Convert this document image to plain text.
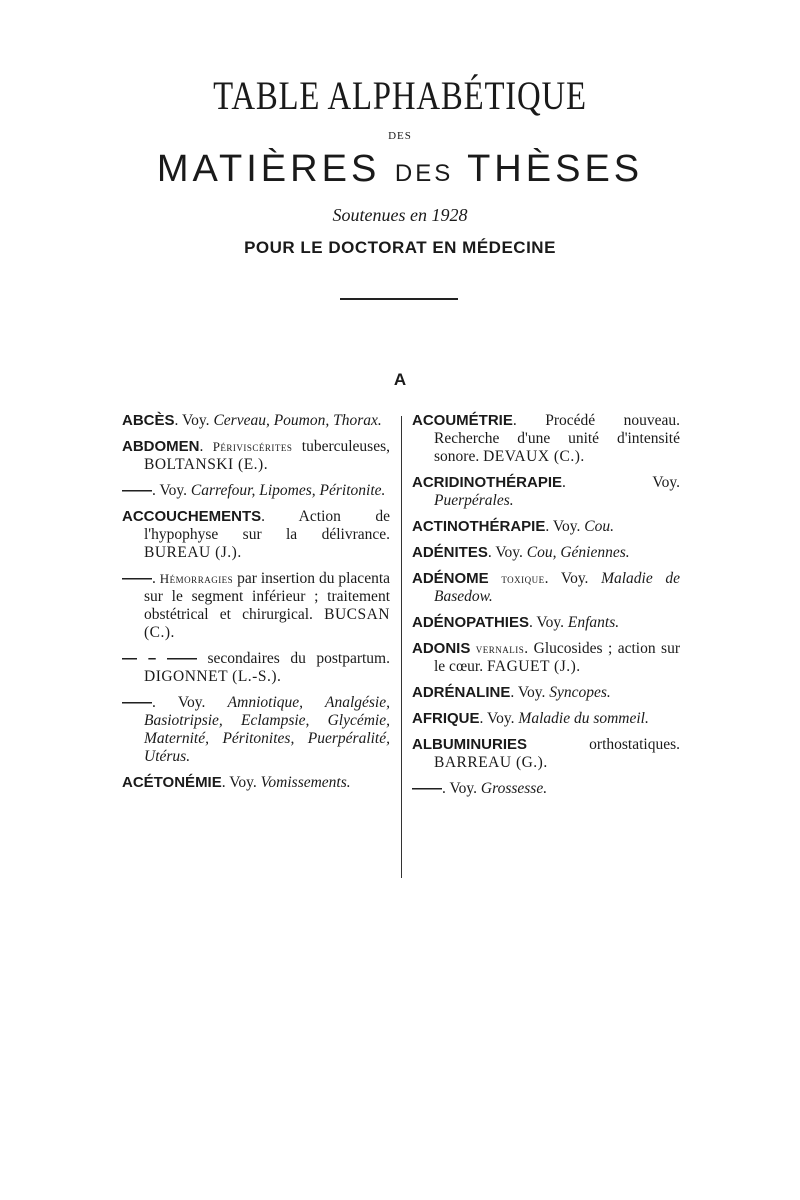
TABLE ALPHABÉTIQUE
DES
MATIÈRES DES THÈSES
Soutenues en 1928
POUR LE DOCTORAT EN MÉDECINE
A
ABCÈS. Voy. Cerveau, Poumon, Thorax.
ABDOMEN. Périviscérites tuberculeuses, BOLTANSKI (E.).
——. Voy. Carrefour, Lipomes, Péritonite.
ACCOUCHEMENTS. Action de l'hypophyse sur la délivrance. BUREAU (J.).
——. Hémorragies par insertion du placenta sur le segment inférieur ; traitement obstétrical et chirurgical. BUCSAN (C.).
— – —— secondaires du postpartum. DIGONNET (L.-S.).
——. Voy. Amniotique, Analgésie, Basiotripsie, Eclampsie, Glycémie, Maternité, Péritonites, Puerpéralité, Utérus.
ACÉTONÉMIE. Voy. Vomissements.
ACOUMÉTRIE. Procédé nouveau. Recherche d'une unité d'intensité sonore. DEVAUX (C.).
ACRIDINOTHÉRAPIE. Voy. Puerpérales.
ACTINOTHÉRAPIE. Voy. Cou.
ADÉNITES. Voy. Cou, Géniennes.
ADÉNOME toxique. Voy. Maladie de Basedow.
ADÉNOPATHIES. Voy. Enfants.
ADONIS vernalis. Glucosides ; action sur le cœur. FAGUET (J.).
ADRÉNALINE. Voy. Syncopes.
AFRIQUE. Voy. Maladie du sommeil.
ALBUMINURIES orthostatiques. BARREAU (G.).
——. Voy. Grossesse.
